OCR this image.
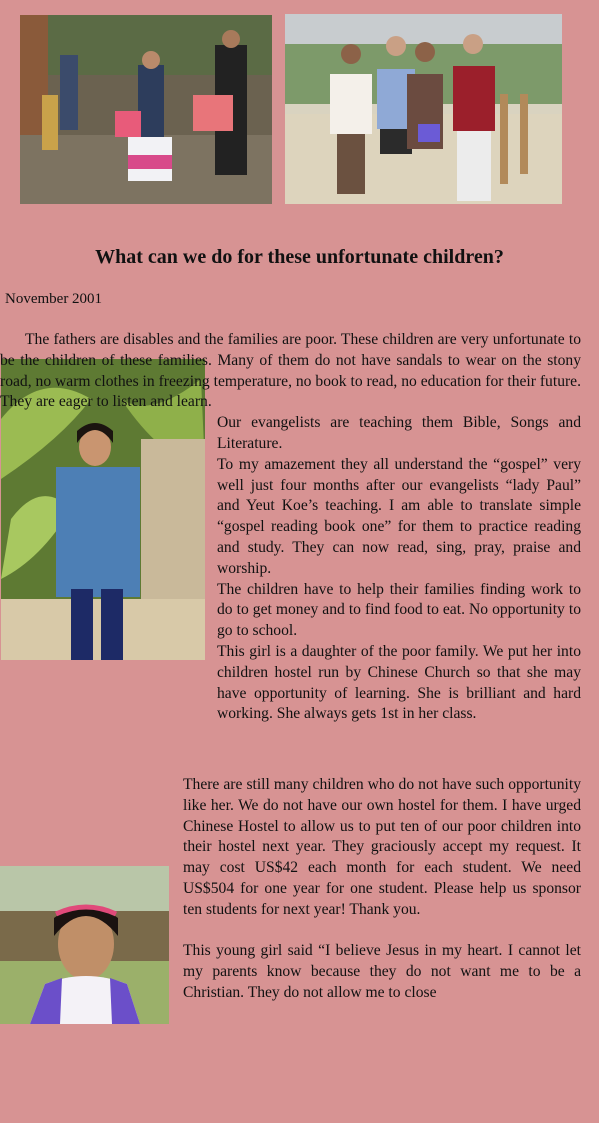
What can we do for these unfortunate children?
November 2001

The fathers are disables and the families are poor. These children are very unfortunate to be the children of these families. Many of them do not have sandals to wear on the stony road, no warm clothes in freezing temperature, no book to read, no education for their future. They are eager to listen and learn.

Our evangelists are teaching them Bible, Songs and Literature.

To my amazement they all understand the “gospel” very well just four months after our evangelists “lady Paul” and Yeut Koe’s teaching. I am able to translate simple “gospel reading book one” for them to practice reading and study. They can now read, sing, pray, praise and worship.

The children have to help their families finding work to do to get money and to find food to eat. No opportunity to go to school.

This girl is a daughter of the poor family. We put her into children hostel run by Chinese Church so that she may have opportunity of learning. She is brilliant and hard working. She always gets 1st in her class.

There are still many children who do not have such opportunity like her. We do not have our own hostel for them. I have urged Chinese Hostel to allow us to put ten of our poor children into their hostel next year. They graciously accept my request. It may cost US$42 each month for each student. We need US$504 for one year for one student. Please help us sponsor ten students for next year! Thank you.

This young girl said “I believe Jesus in my heart. I cannot let my parents know because they do not want me to be a Christian. They do not allow me to close
